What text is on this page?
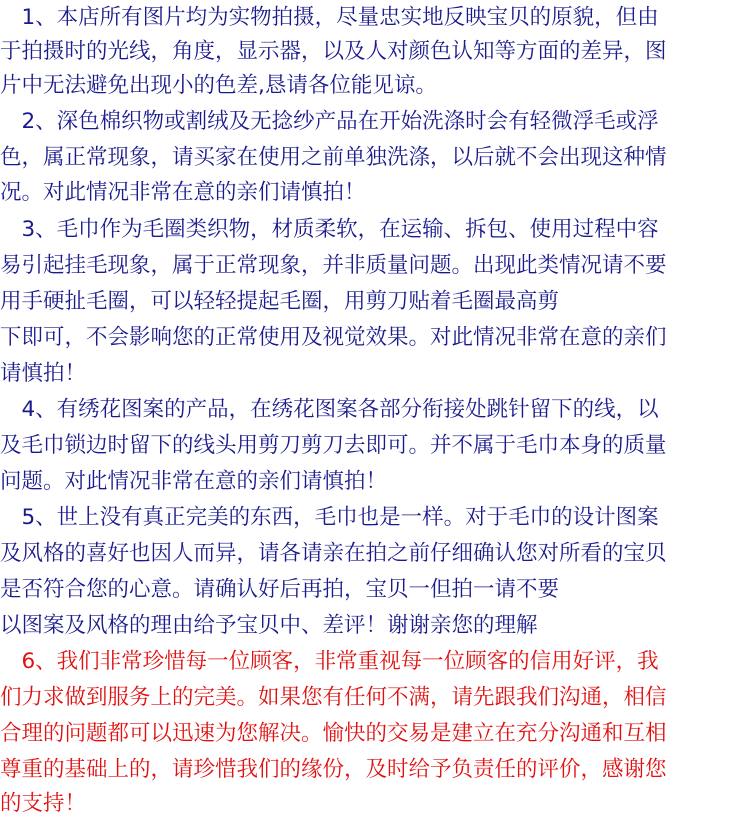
　1、本店所有图片均为实物拍摄，尽量忠实地反映宝贝的原貌，但由
于拍摄时的光线，角度，显示器，以及人对颜色认知等方面的差异，图
片中无法避免出现小的色差,恳请各位能见谅。
　2、深色棉织物或割绒及无捻纱产品在开始洗涤时会有轻微浮毛或浮
色，属正常现象，请买家在使用之前单独洗涤，以后就不会出现这种情
况。对此情况非常在意的亲们请慎拍！
　3、毛巾作为毛圈类织物，材质柔软，在运输、拆包、使用过程中容
易引起挂毛现象，属于正常现象，并非质量问题。出现此类情况请不要
用手硬扯毛圈，可以轻轻提起毛圈，用剪刀贴着毛圈最高剪
下即可，不会影响您的正常使用及视觉效果。对此情况非常在意的亲们
请慎拍！
　4、有绣花图案的产品，在绣花图案各部分衔接处跳针留下的线，以
及毛巾锁边时留下的线头用剪刀剪刀去即可。并不属于毛巾本身的质量
问题。对此情况非常在意的亲们请慎拍！
　5、世上没有真正完美的东西，毛巾也是一样。对于毛巾的设计图案
及风格的喜好也因人而异，请各请亲在拍之前仔细确认您对所看的宝贝
是否符合您的心意。请确认好后再拍，宝贝一但拍一请不要
以图案及风格的理由给予宝贝中、差评！谢谢亲您的理解
　6、我们非常珍惜每一位顾客，非常重视每一位顾客的信用好评，我
们力求做到服务上的完美。如果您有任何不满，请先跟我们沟通，相信
合理的问题都可以迅速为您解决。愉快的交易是建立在充分沟通和互相
尊重的基础上的，请珍惜我们的缘份，及时给予负责任的评价，感谢您
的支持！
